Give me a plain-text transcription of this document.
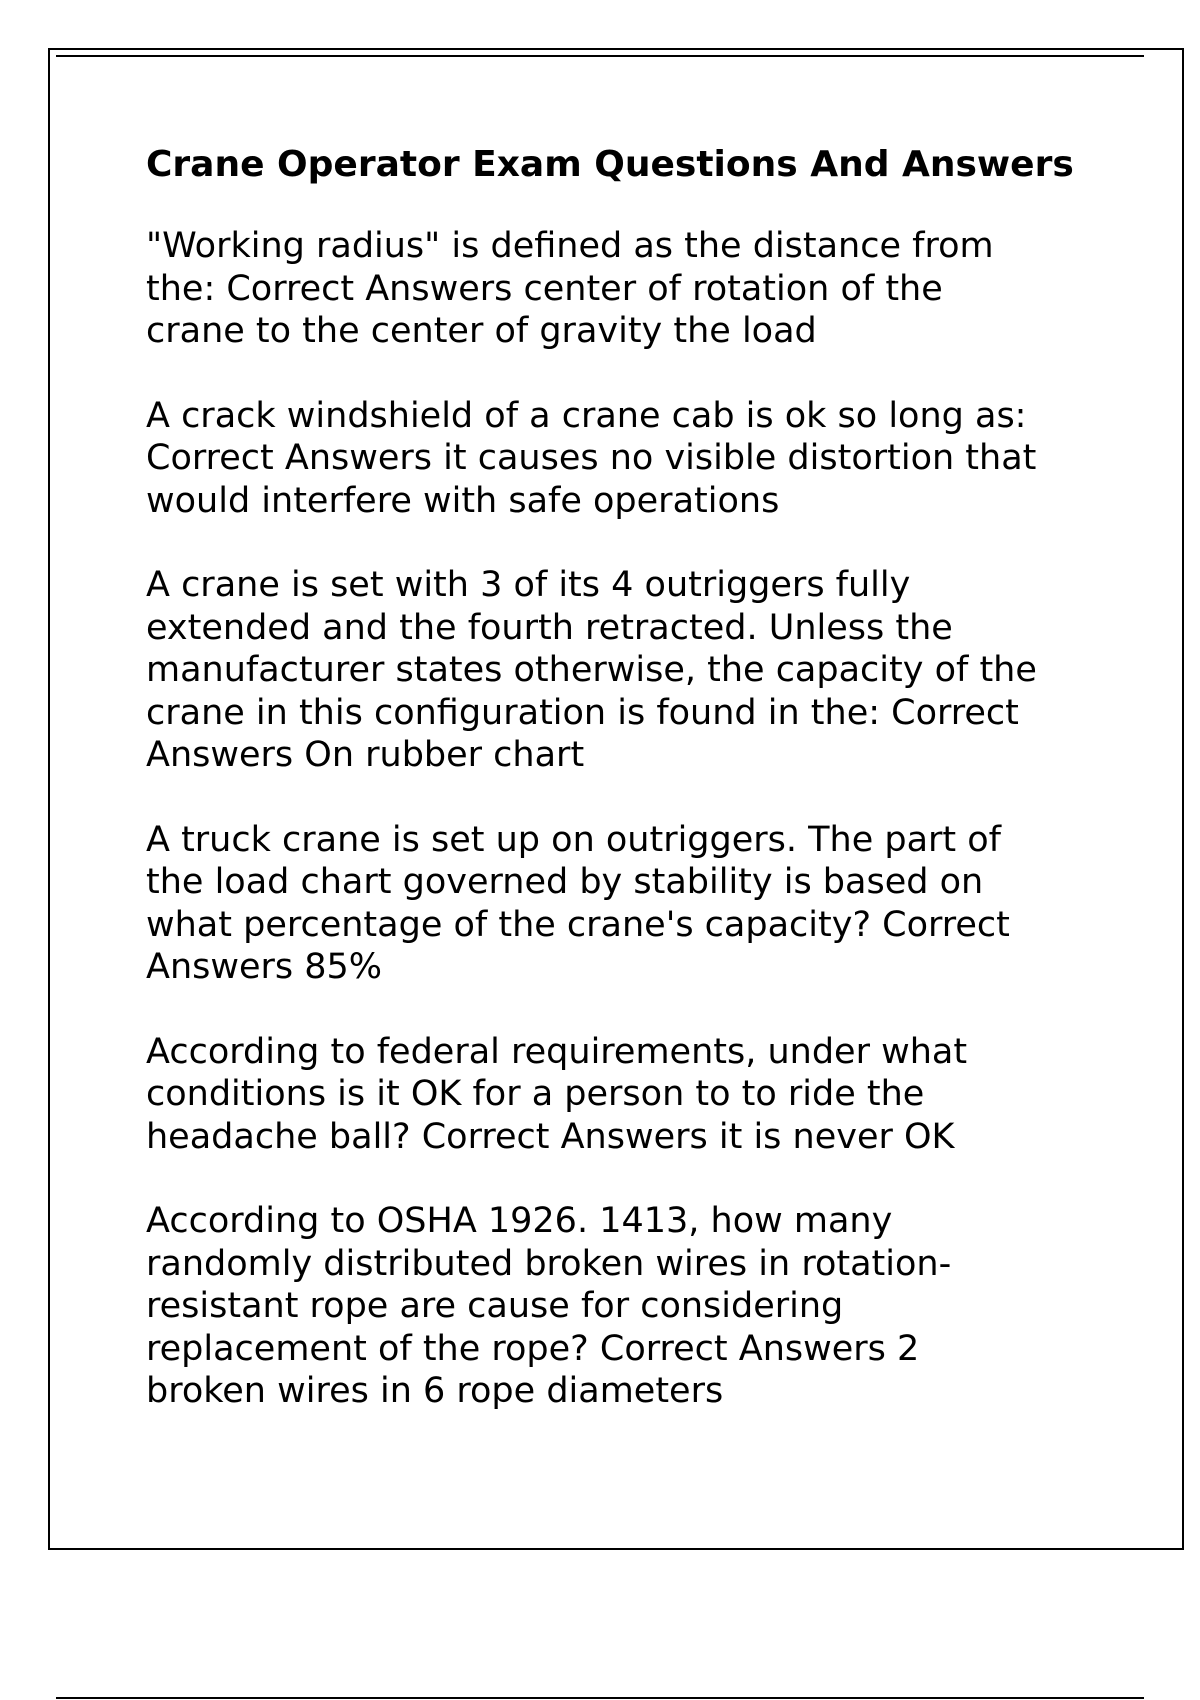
Crane Operator Exam Questions And Answers

"Working radius" is defined as the distance from
the: Correct Answers center of rotation of the
crane to the center of gravity the load

A crack windshield of a crane cab is ok so long as:
Correct Answers it causes no visible distortion that
would interfere with safe operations

A crane is set with 3 of its 4 outriggers fully
extended and the fourth retracted. Unless the
manufacturer states otherwise, the capacity of the
crane in this configuration is found in the: Correct
Answers On rubber chart

A truck crane is set up on outriggers. The part of
the load chart governed by stability is based on
what percentage of the crane's capacity? Correct
Answers 85%

According to federal requirements, under what
conditions is it OK for a person to to ride the
headache ball? Correct Answers it is never OK

According to OSHA 1926. 1413, how many
randomly distributed broken wires in rotation-
resistant rope are cause for considering
replacement of the rope? Correct Answers 2
broken wires in 6 rope diameters
